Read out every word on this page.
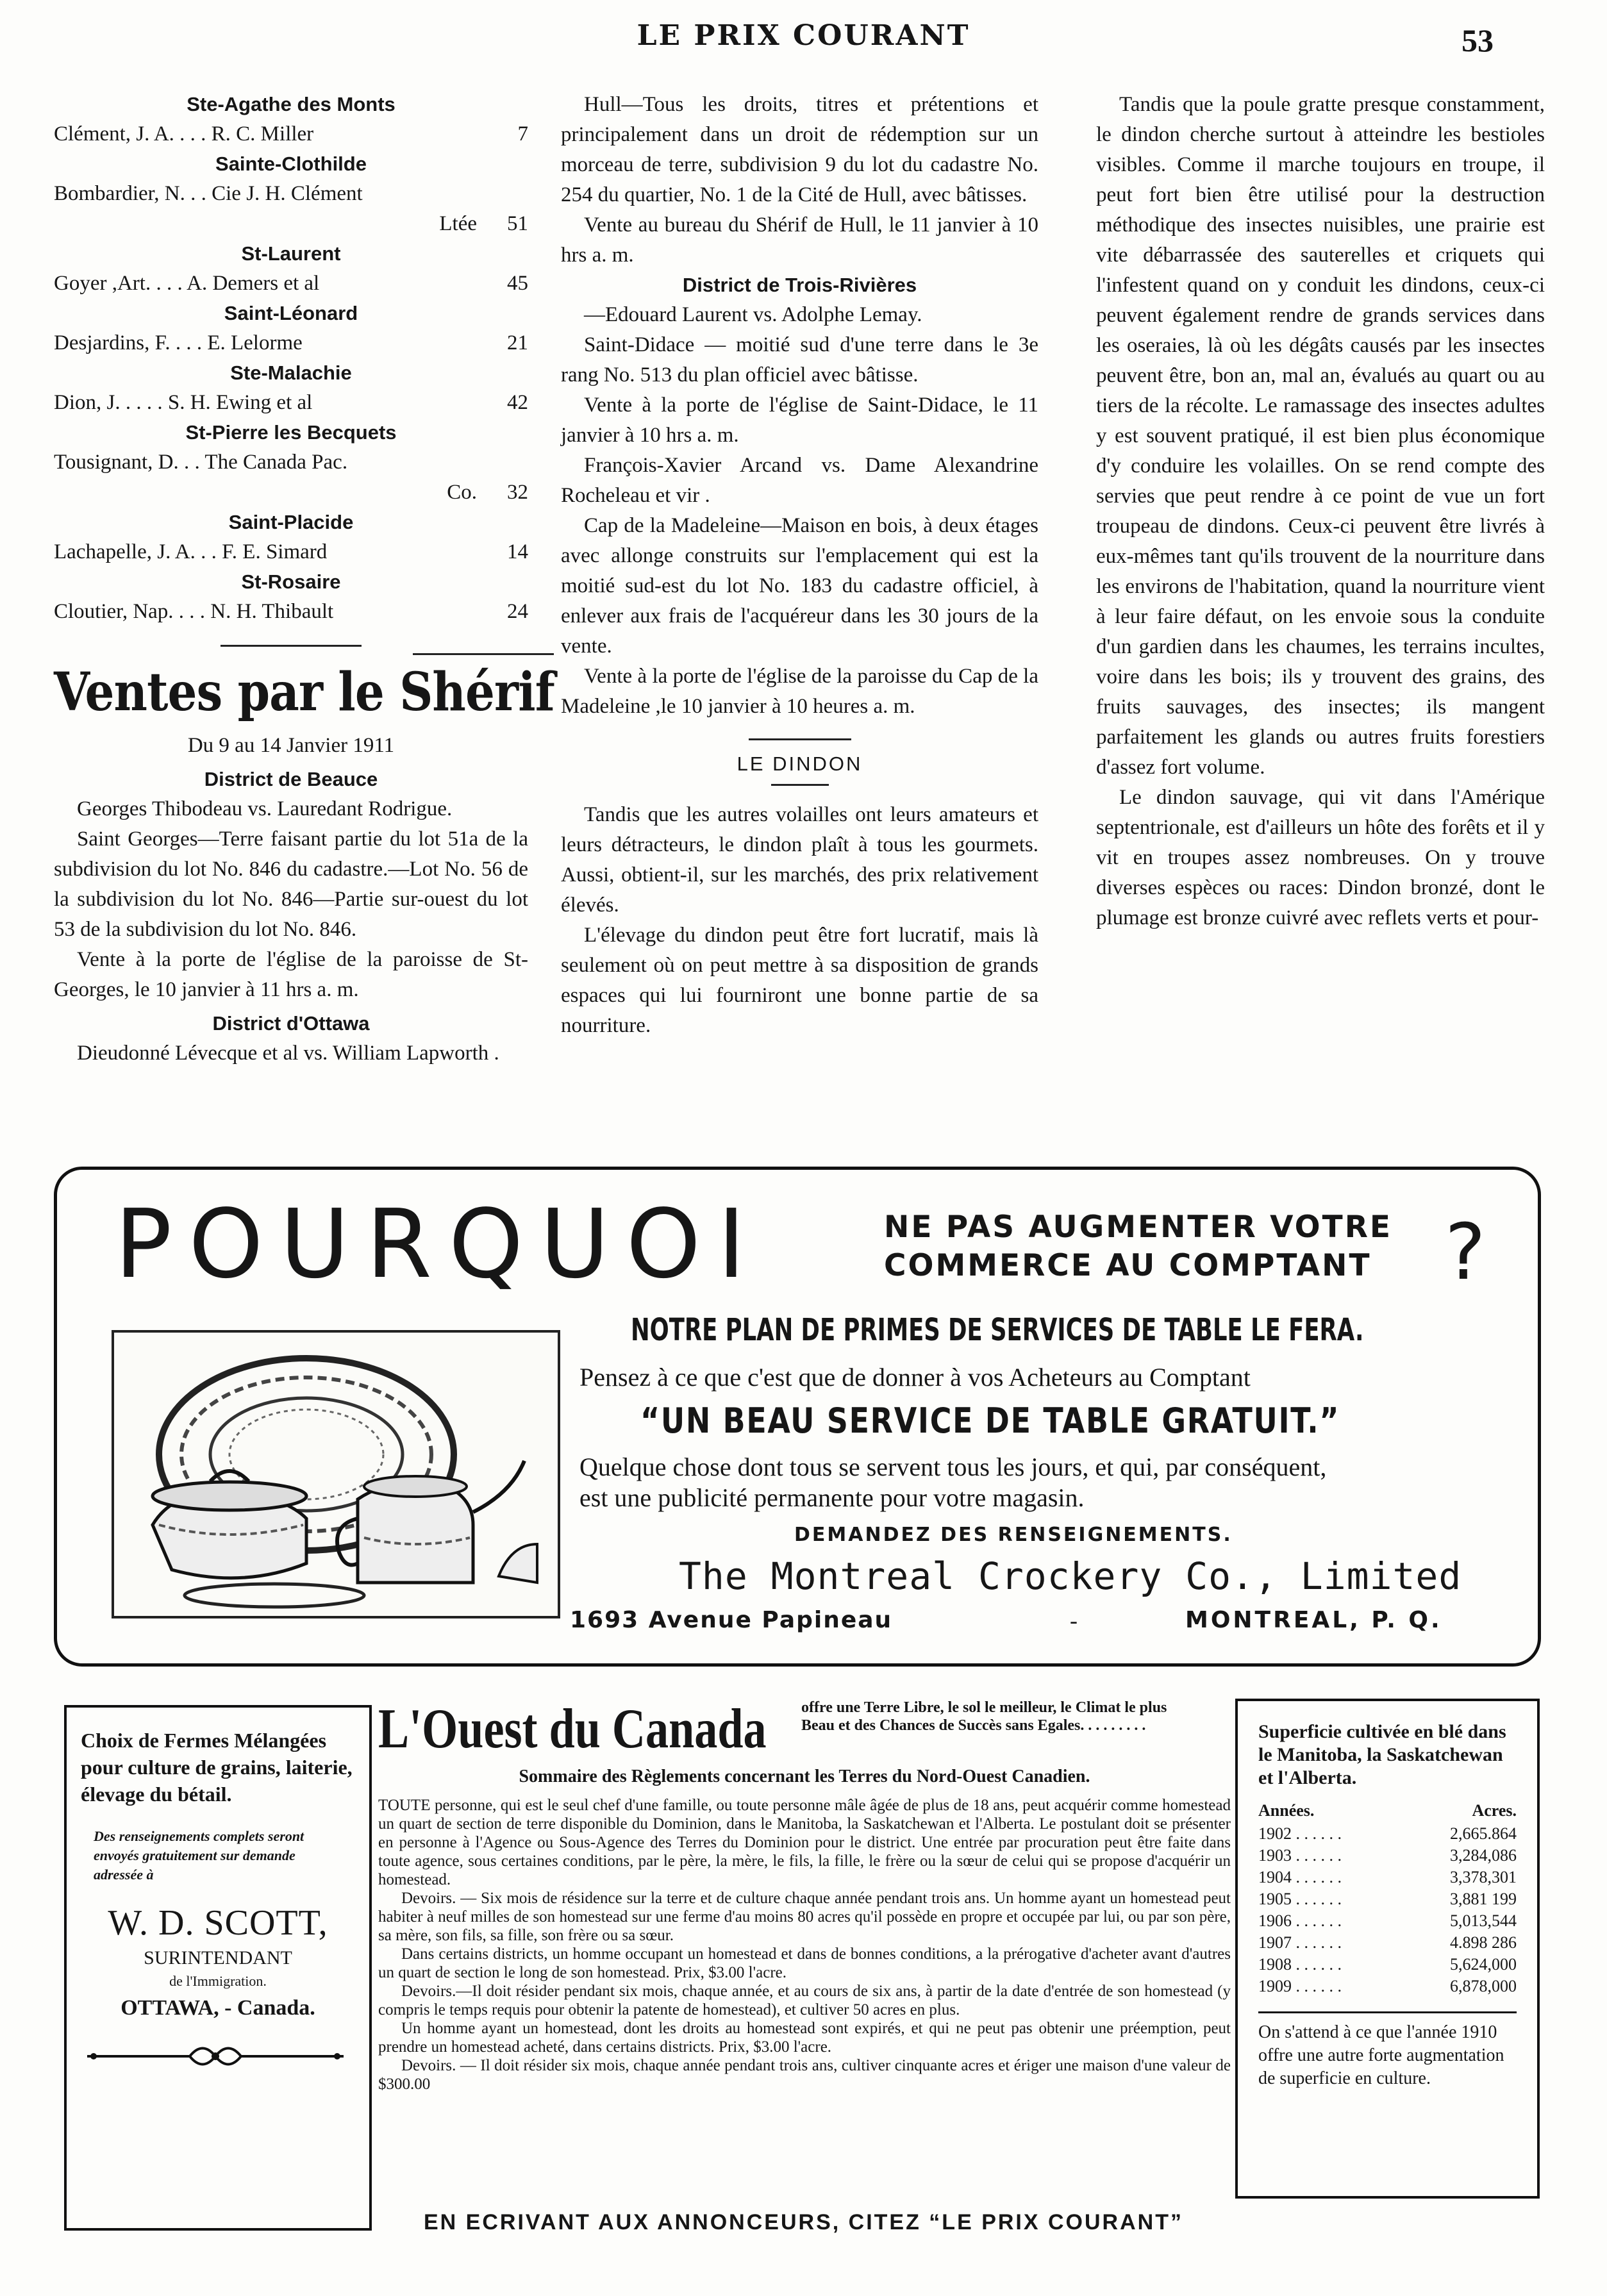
LE PRIX COURANT	53
Ste-Agathe des Monts
Clément, J. A. . . . R. C. Miller	7
Sainte-Clothilde
Bombardier, N. . . Cie J. H. Clément
Ltée	51
St-Laurent
Goyer ,Art. . . . A. Demers et al	45
Saint-Léonard
Desjardins, F. . . . E. Lelorme	21
Ste-Malachie
Dion, J. . . . . S. H. Ewing et al	42
St-Pierre les Becquets
Tousignant, D. . . The Canada Pac.
Co.	32
Saint-Placide
Lachapelle, J. A. . . F. E. Simard	14
St-Rosaire
Cloutier, Nap. . . . N. H. Thibault	24
Ventes par le Shérif
Du 9 au 14 Janvier 1911
District de Beauce
Georges Thibodeau vs. Lauredant Rodrigue.
Saint Georges—Terre faisant partie du lot 51a de la subdivision du lot No. 846 du cadastre.—Lot No. 56 de la subdivision du lot No. 846—Partie sur-ouest du lot 53 de la subdivision du lot No. 846.
Vente à la porte de l'église de la paroisse de St-Georges, le 10 janvier à 11 hrs a. m.
District d'Ottawa
Dieudonné Lévecque et al vs. William Lapworth .
Hull—Tous les droits, titres et prétentions et principalement dans un droit de rédemption sur un morceau de terre, subdivision 9 du lot du cadastre No. 254 du quartier, No. 1 de la Cité de Hull, avec bâtisses.
Vente au bureau du Shérif de Hull, le 11 janvier à 10 hrs a. m.
District de Trois-Rivières
—Edouard Laurent vs. Adolphe Lemay.
Saint-Didace — moitié sud d'une terre dans le 3e rang No. 513 du plan officiel avec bâtisse.
Vente à la porte de l'église de Saint-Didace, le 11 janvier à 10 hrs a. m.
François-Xavier Arcand vs. Dame Alexandrine Rocheleau et vir .
Cap de la Madeleine—Maison en bois, à deux étages avec allonge construits sur l'emplacement qui est la moitié sud-est du lot No. 183 du cadastre officiel, à enlever aux frais de l'acquéreur dans les 30 jours de la vente.
Vente à la porte de l'église de la paroisse du Cap de la Madeleine ,le 10 janvier à 10 heures a. m.
LE DINDON
Tandis que les autres volailles ont leurs amateurs et leurs détracteurs, le dindon plaît à tous les gourmets. Aussi, obtient-il, sur les marchés, des prix relativement élevés.
L'élevage du dindon peut être fort lucratif, mais là seulement où on peut mettre à sa disposition de grands espaces qui lui fourniront une bonne partie de sa nourriture.
Tandis que la poule gratte presque constamment, le dindon cherche surtout à atteindre les bestioles visibles. Comme il marche toujours en troupe, il peut fort bien être utilisé pour la destruction méthodique des insectes nuisibles, une prairie est vite débarrassée des sauterelles et criquets qui l'infestent quand on y conduit les dindons, ceux-ci peuvent également rendre de grands services dans les oseraies, là où les dégâts causés par les insectes peuvent être, bon an, mal an, évalués au quart ou au tiers de la récolte. Le ramassage des insectes adultes y est souvent pratiqué, il est bien plus économique d'y conduire les volailles. On se rend compte des servies que peut rendre à ce point de vue un fort troupeau de dindons. Ceux-ci peuvent être livrés à eux-mêmes tant qu'ils trouvent de la nourriture dans les environs de l'habitation, quand la nourriture vient à leur faire défaut, on les envoie sous la conduite d'un gardien dans les chaumes, les terrains incultes, voire dans les bois; ils y trouvent des grains, des fruits sauvages, des insectes; ils mangent parfaitement les glands ou autres fruits forestiers d'assez fort volume.
Le dindon sauvage, qui vit dans l'Amérique septentrionale, est d'ailleurs un hôte des forêts et il y vit en troupes assez nombreuses. On y trouve diverses espèces ou races: Dindon bronzé, dont le plumage est bronze cuivré avec reflets verts et pour-
POURQUOI	NE PAS AUGMENTER VOTRE
COMMERCE AU COMPTANT ?
NOTRE PLAN DE PRIMES DE SERVICES DE TABLE LE FERA.
Pensez à ce que c'est que de donner à vos Acheteurs au Comptant
“UN BEAU SERVICE DE TABLE GRATUIT.”
Quelque chose dont tous se servent tous les jours, et qui, par conséquent,
est une publicité permanente pour votre magasin.
DEMANDEZ DES RENSEIGNEMENTS.
The Montreal Crockery Co., Limited
1693 Avenue Papineau	-	MONTREAL, P. Q.
Choix de Fermes Mélangées pour culture de grains, laiterie, élevage du bétail.
Des renseignements complets seront envoyés gratuitement sur demande adressée à
W. D. SCOTT,
SURINTENDANT
de l'Immigration.
OTTAWA, - Canada.
L'Ouest du Canada offre une Terre Libre, le sol le meilleur, le Climat le plus Beau et des Chances de Succès sans Egales. . . . . . . . .
Sommaire des Règlements concernant les Terres du Nord-Ouest Canadien.
TOUTE personne, qui est le seul chef d'une famille, ou toute personne mâle âgée de plus de 18 ans, peut acquérir comme homestead un quart de section de terre disponible du Dominion, dans le Manitoba, la Saskatchewan et l'Alberta. Le postulant doit se présenter en personne à l'Agence ou Sous-Agence des Terres du Dominion pour le district. Une entrée par procuration peut être faite dans toute agence, sous certaines conditions, par le père, la mère, le fils, la fille, le frère ou la sœur de celui qui se propose d'acquérir un homestead.
Devoirs. — Six mois de résidence sur la terre et de culture chaque année pendant trois ans. Un homme ayant un homestead peut habiter à neuf milles de son homestead sur une ferme d'au moins 80 acres qu'il possède en propre et occupée par lui, ou par son père, sa mère, son fils, sa fille, son frère ou sa sœur.
Dans certains districts, un homme occupant un homestead et dans de bonnes conditions, a la prérogative d'acheter avant d'autres un quart de section le long de son homestead. Prix, $3.00 l'acre.
Devoirs.—Il doit résider pendant six mois, chaque année, et au cours de six ans, à partir de la date d'entrée de son homestead (y compris le temps requis pour obtenir la patente de homestead), et cultiver 50 acres en plus.
Un homme ayant un homestead, dont les droits au homestead sont expirés, et qui ne peut pas obtenir une préemption, peut prendre un homestead acheté, dans certains districts. Prix, $3.00 l'acre.
Devoirs. — Il doit résider six mois, chaque année pendant trois ans, cultiver cinquante acres et ériger une maison d'une valeur de $300.00
Superficie cultivée en blé dans le Manitoba, la Saskatchewan et l'Alberta.
Années.	Acres.
1902 . . . . . .	2,665.864
1903 . . . . . .	3,284,086
1904 . . . . . .	3,378,301
1905 . . . . . .	3,881 199
1906 . . . . . .	5,013,544
1907 . . . . . .	4.898 286
1908 . . . . . .	5,624,000
1909 . . . . . .	6,878,000
On s'attend à ce que l'année 1910 offre une autre forte augmentation de superficie en culture.
EN ECRIVANT AUX ANNONCEURS, CITEZ “LE PRIX COURANT”
